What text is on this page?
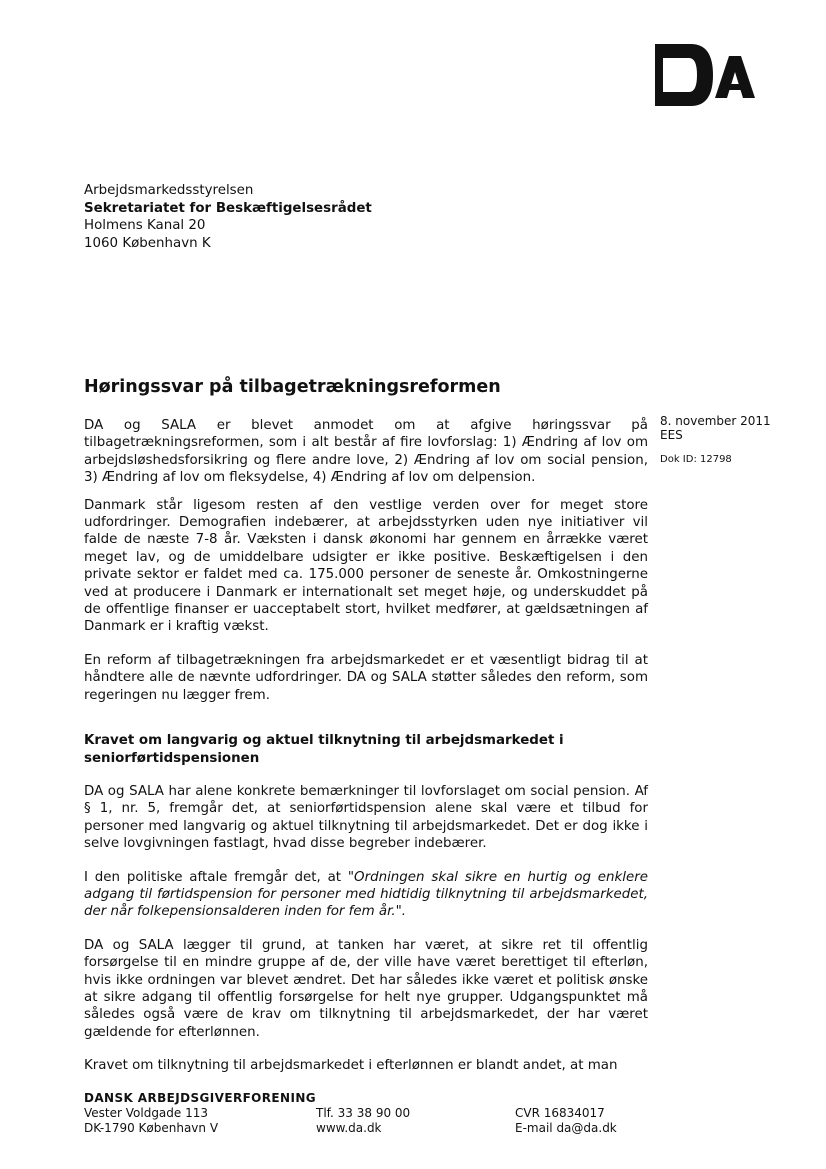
Arbejdsmarkedsstyrelsen
Sekretariatet for Beskæftigelsesrådet
Holmens Kanal 20
1060 København K
Høringssvar på tilbagetrækningsreformen
8. november 2011
EES
Dok ID: 12798

DA og SALA er blevet anmodet om at afgive høringssvar på tilbagetrækningsreformen, som i alt består af fire lovforslag: 1) Ændring af lov om arbejdsløshedsforsikring og flere andre love, 2) Ændring af lov om social pension, 3) Ændring af lov om fleksydelse, 4) Ændring af lov om delpension.

Danmark står ligesom resten af den vestlige verden over for meget store udfordringer. Demografien indebærer, at arbejdsstyrken uden nye initiativer vil falde de næste 7-8 år. Væksten i dansk økonomi har gennem en årrække været meget lav, og de umiddelbare udsigter er ikke positive. Beskæftigelsen i den private sektor er faldet med ca. 175.000 personer de seneste år. Omkostningerne ved at producere i Danmark er internationalt set meget høje, og underskuddet på de offentlige finanser er uacceptabelt stort, hvilket medfører, at gældsætningen af Danmark er i kraftig vækst.

En reform af tilbagetrækningen fra arbejdsmarkedet er et væsentligt bidrag til at håndtere alle de nævnte udfordringer. DA og SALA støtter således den reform, som regeringen nu lægger frem.

Kravet om langvarig og aktuel tilknytning til arbejdsmarkedet i seniorførtidspensionen

DA og SALA har alene konkrete bemærkninger til lovforslaget om social pension. Af § 1, nr. 5, fremgår det, at seniorførtidspension alene skal være et tilbud for personer med langvarig og aktuel tilknytning til arbejdsmarkedet. Det er dog ikke i selve lovgivningen fastlagt, hvad disse begreber indebærer.

I den politiske aftale fremgår det, at "Ordningen skal sikre en hurtig og enklere adgang til førtidspension for personer med hidtidig tilknytning til arbejdsmarkedet, der når folkepensionsalderen inden for fem år.".

DA og SALA lægger til grund, at tanken har været, at sikre ret til offentlig forsørgelse til en mindre gruppe af de, der ville have været berettiget til efterløn, hvis ikke ordningen var blevet ændret. Det har således ikke været et politisk ønske at sikre adgang til offentlig forsørgelse for helt nye grupper. Udgangspunktet må således også være de krav om tilknytning til arbejdsmarkedet, der har været gældende for efterlønnen.

Kravet om tilknytning til arbejdsmarkedet i efterlønnen er blandt andet, at man

DANSK ARBEJDSGIVERFORENING
Vester Voldgade 113
DK-1790 København V
Tlf. 33 38 90 00
www.da.dk
CVR 16834017
E-mail da@da.dk
